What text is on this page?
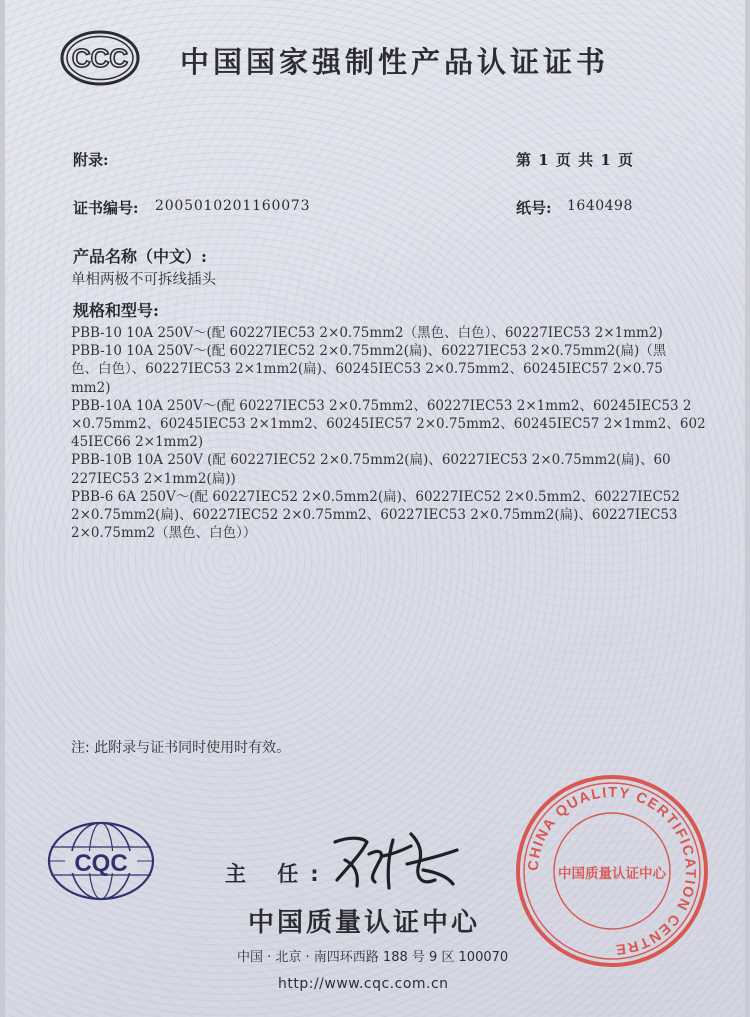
CCC 中国国家强制性产品认证证书
附录:	第 1 页 共 1 页
证书编号: 2005010201160073	纸号: 1640498
产品名称（中文）:
单相两极不可拆线插头
规格和型号:
PBB-10 10A 250V～(配 60227IEC53 2×0.75mm2（黑色、白色）、60227IEC53 2×1mm2)
PBB-10 10A 250V～(配 60227IEC52 2×0.75mm2(扁)、60227IEC53 2×0.75mm2(扁)（黑
色、白色）、60227IEC53 2×1mm2(扁)、60245IEC53 2×0.75mm2、60245IEC57 2×0.75
mm2)
PBB-10A 10A 250V～(配 60227IEC53 2×0.75mm2、60227IEC53 2×1mm2、60245IEC53 2
×0.75mm2、60245IEC53 2×1mm2、60245IEC57 2×0.75mm2、60245IEC57 2×1mm2、602
45IEC66 2×1mm2)
PBB-10B 10A 250V (配 60227IEC52 2×0.75mm2(扁)、60227IEC53 2×0.75mm2(扁)、60
227IEC53 2×1mm2(扁))
PBB-6 6A 250V～(配 60227IEC52 2×0.5mm2(扁)、60227IEC52 2×0.5mm2、60227IEC52
2×0.75mm2(扁)、60227IEC52 2×0.75mm2、60227IEC53 2×0.75mm2(扁)、60227IEC53
2×0.75mm2（黑色、白色））
注: 此附录与证书同时使用时有效。
CQC	主 任:
中国质量认证中心
中国 · 北京 · 南四环西路 188 号 9 区 100070
http://www.cqc.com.cn
CHINA QUALITY CERTIFICATION CENTRE
中国质量认证中心
